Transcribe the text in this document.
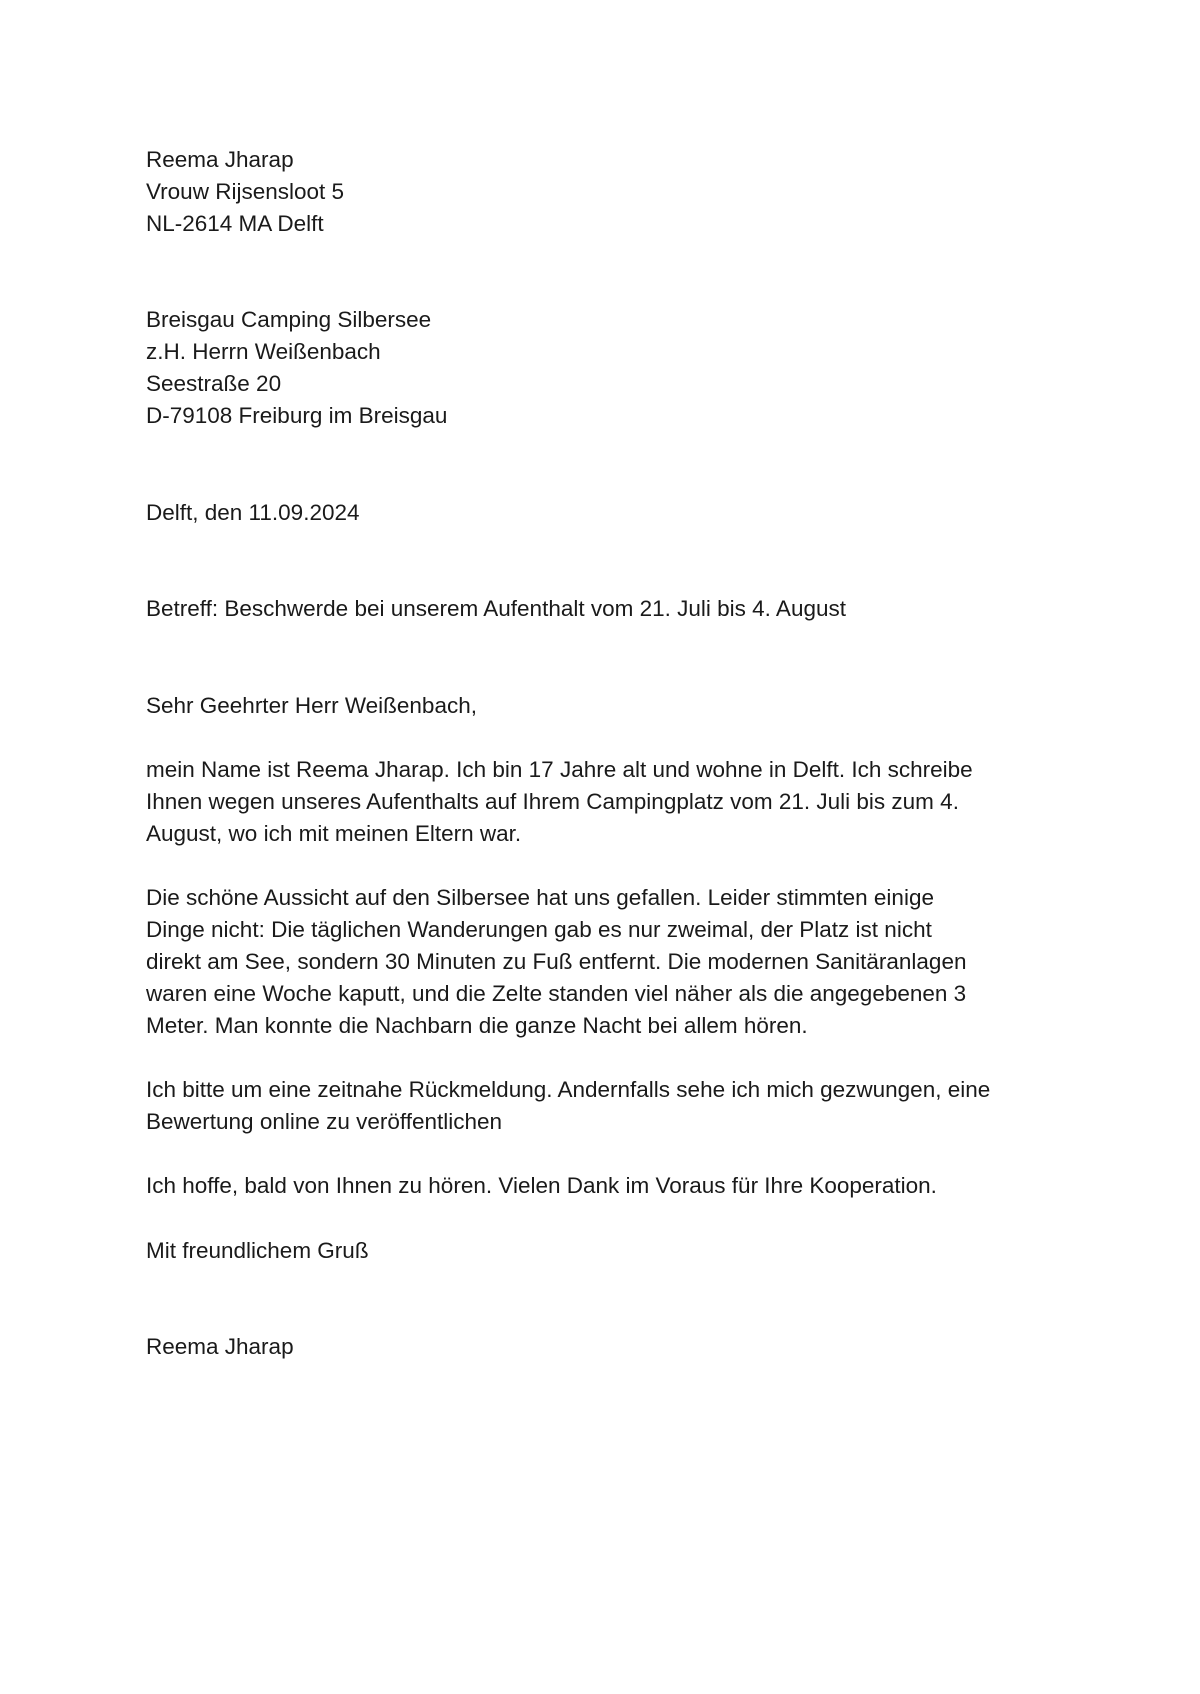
Reema Jharap
Vrouw Rijsensloot 5
NL-2614 MA Delft
Breisgau Camping Silbersee
z.H. Herrn Weißenbach
Seestraße 20
D-79108 Freiburg im Breisgau
Delft, den 11.09.2024
Betreff: Beschwerde bei unserem Aufenthalt vom 21. Juli bis 4. August
Sehr Geehrter Herr Weißenbach,
mein Name ist Reema Jharap. Ich bin 17 Jahre alt und wohne in Delft. Ich schreibe
Ihnen wegen unseres Aufenthalts auf Ihrem Campingplatz vom 21. Juli bis zum 4.
August, wo ich mit meinen Eltern war.
Die schöne Aussicht auf den Silbersee hat uns gefallen. Leider stimmten einige
Dinge nicht: Die täglichen Wanderungen gab es nur zweimal, der Platz ist nicht
direkt am See, sondern 30 Minuten zu Fuß entfernt. Die modernen Sanitäranlagen
waren eine Woche kaputt, und die Zelte standen viel näher als die angegebenen 3
Meter. Man konnte die Nachbarn die ganze Nacht bei allem hören.
Ich bitte um eine zeitnahe Rückmeldung. Andernfalls sehe ich mich gezwungen, eine
Bewertung online zu veröffentlichen
Ich hoffe, bald von Ihnen zu hören. Vielen Dank im Voraus für Ihre Kooperation.
Mit freundlichem Gruß
Reema Jharap
